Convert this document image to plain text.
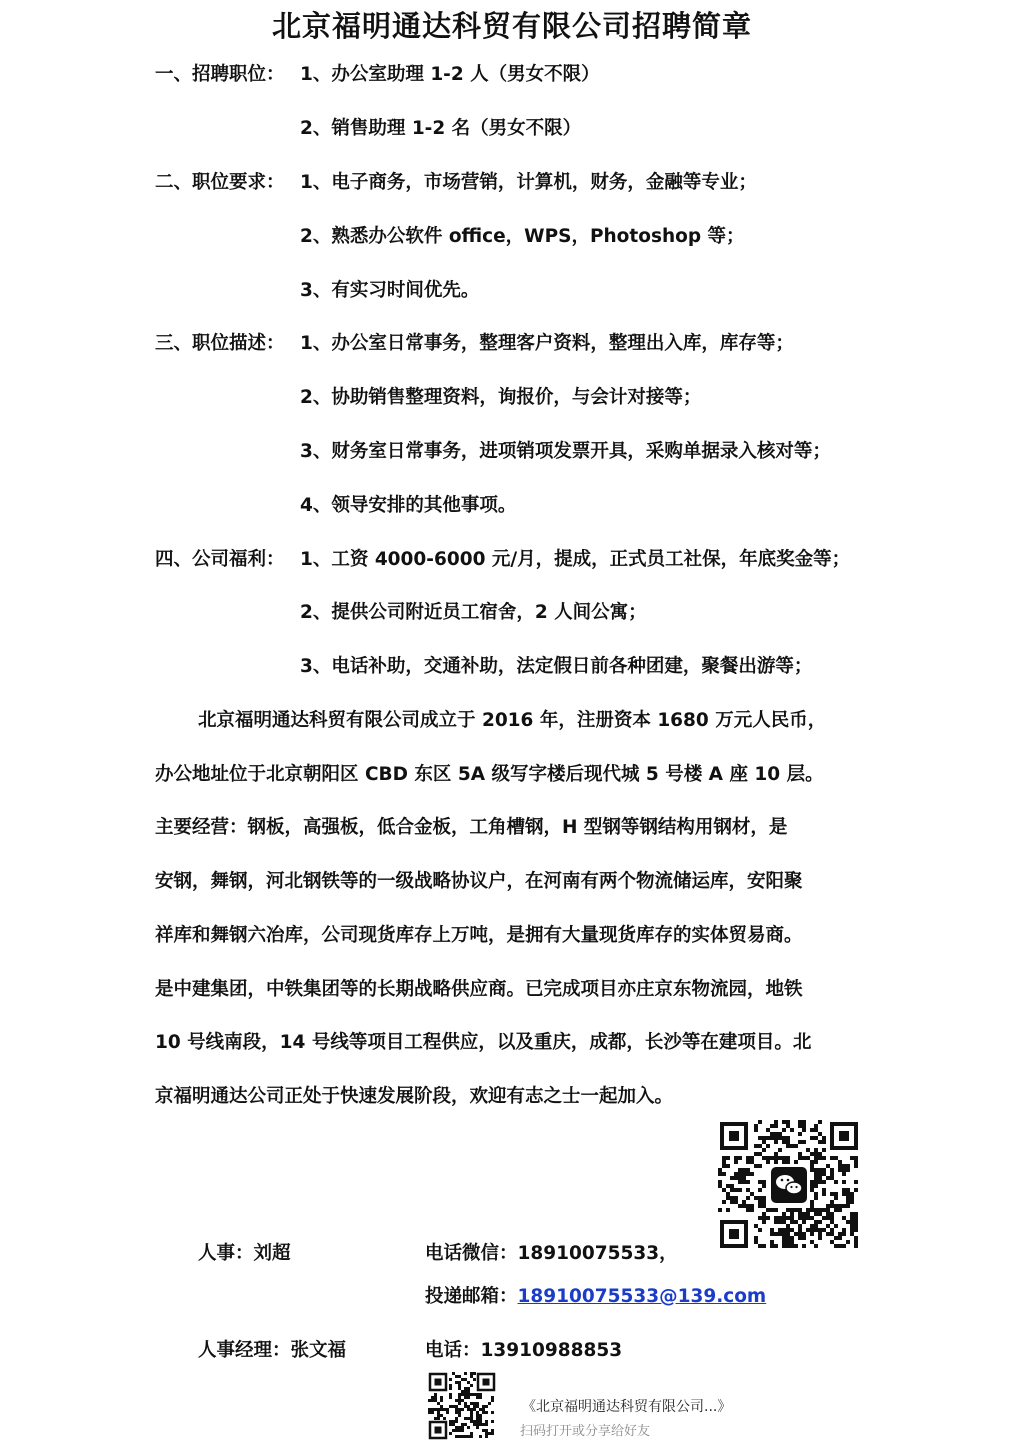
北京福明通达科贸有限公司招聘简章
一、招聘职位： 1、办公室助理 1-2 人（男女不限）
2、销售助理 1-2 名（男女不限）
二、职位要求： 1、电子商务，市场营销，计算机，财务，金融等专业；
2、熟悉办公软件 office，WPS，Photoshop 等；
3、有实习时间优先。
三、职位描述： 1、办公室日常事务，整理客户资料，整理出入库，库存等；
2、协助销售整理资料，询报价，与会计对接等；
3、财务室日常事务，进项销项发票开具，采购单据录入核对等；
4、领导安排的其他事项。
四、公司福利： 1、工资 4000-6000 元/月，提成，正式员工社保，年底奖金等；
2、提供公司附近员工宿舍，2 人间公寓；
3、电话补助，交通补助，法定假日前各种团建，聚餐出游等；
北京福明通达科贸有限公司成立于 2016 年，注册资本 1680 万元人民币，
办公地址位于北京朝阳区 CBD 东区 5A 级写字楼后现代城 5 号楼 A 座 10 层。
主要经营：钢板，高强板，低合金板，工角槽钢，H 型钢等钢结构用钢材，是
安钢，舞钢，河北钢铁等的一级战略协议户，在河南有两个物流储运库，安阳聚
祥库和舞钢六冶库，公司现货库存上万吨，是拥有大量现货库存的实体贸易商。
是中建集团，中铁集团等的长期战略供应商。已完成项目亦庄京东物流园，地铁
10 号线南段，14 号线等项目工程供应，以及重庆，成都，长沙等在建项目。北
京福明通达公司正处于快速发展阶段，欢迎有志之士一起加入。
人事：刘超	电话微信：18910075533，
投递邮箱：18910075533@139.com
人事经理：张文福	电话：13910988853
《北京福明通达科贸有限公司...》
扫码打开或分享给好友
